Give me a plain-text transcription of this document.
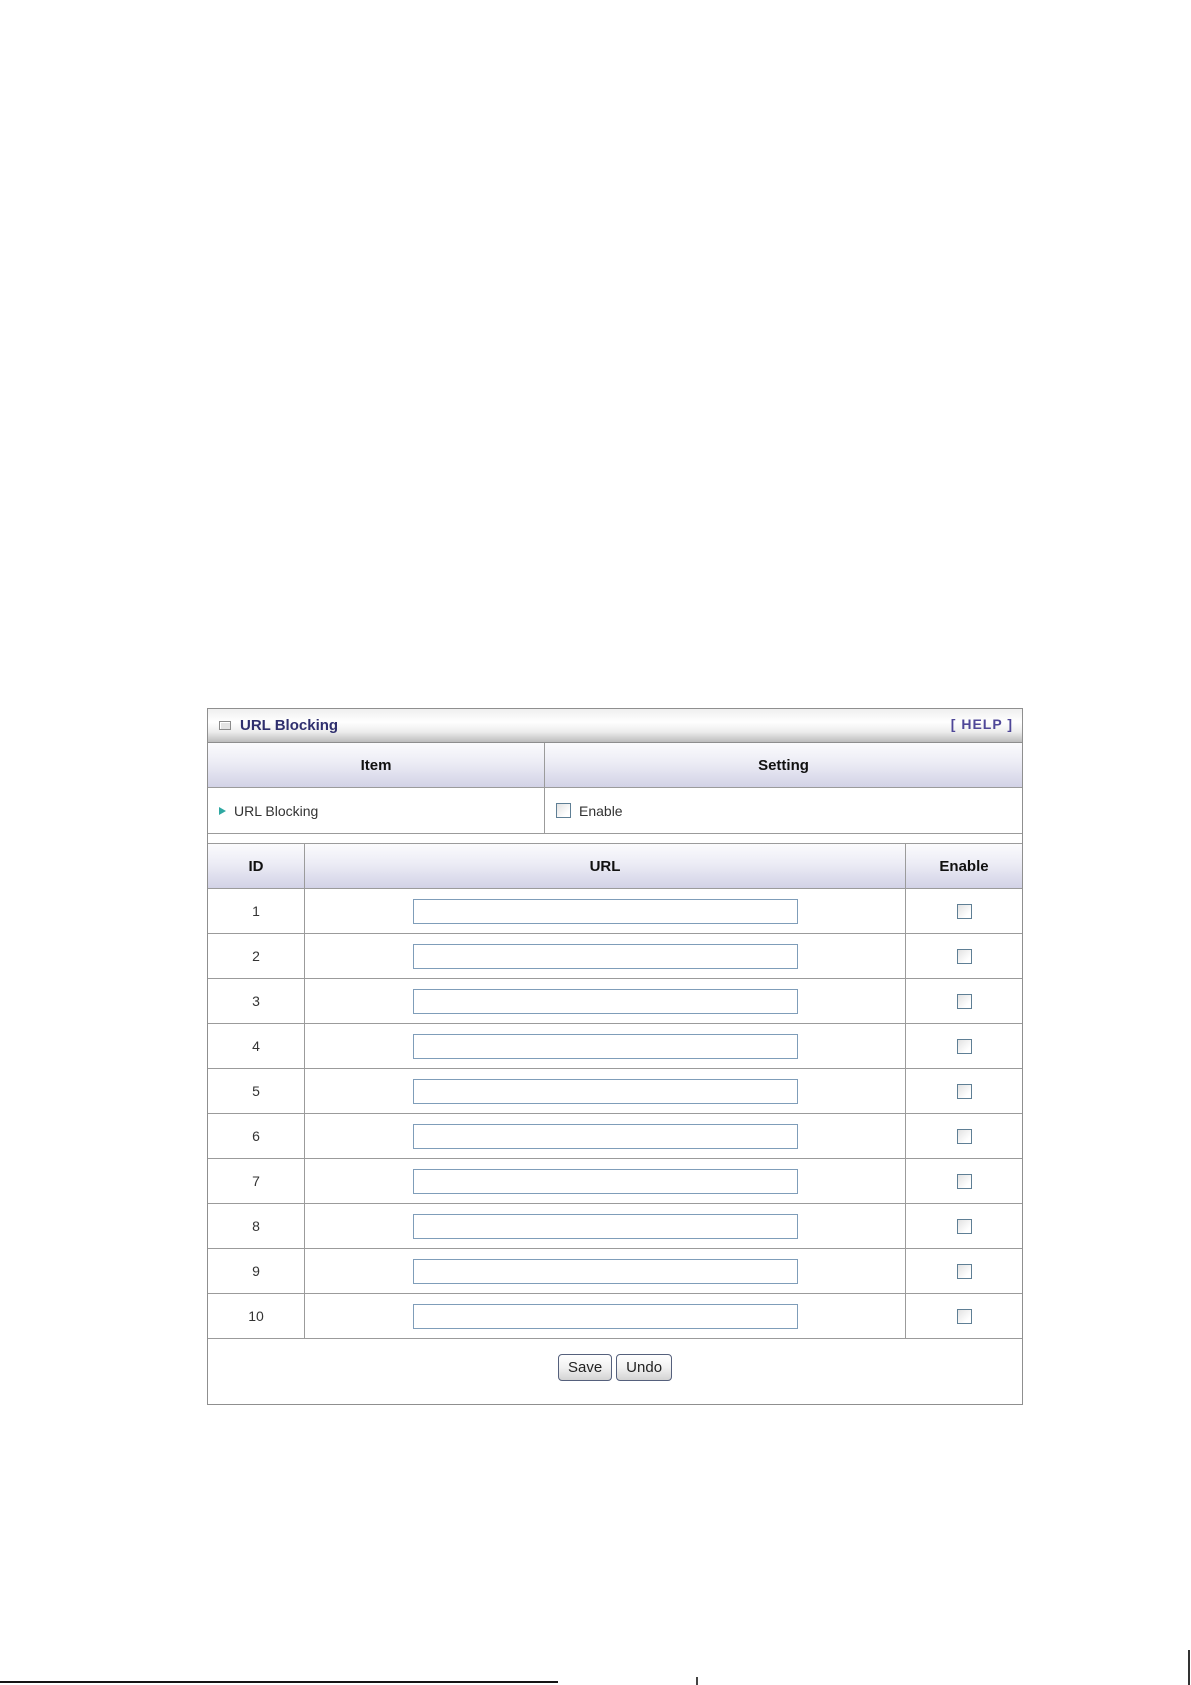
URL Blocking	[ HELP ]
Item	Setting
URL Blocking	Enable
ID	URL	Enable
1
2
3
4
5
6
7
8
9
10
Save	Undo
